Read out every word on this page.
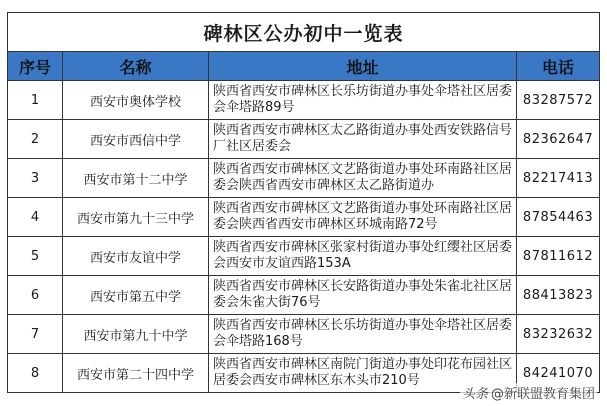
碑林区公办初中一览表			
序号	名称	地址	电话
1	西安市奥体学校	陕西省西安市碑林区长乐坊街道办事处伞塔社区居委会伞塔路89号	83287572
2	西安市西信中学	陕西省西安市碑林区太乙路街道办事处西安铁路信号厂社区居委会	82362647
3	西安市第十二中学	陕西省西安市碑林区文艺路街道办事处环南路社区居委会陕西省西安市碑林区太乙路街道办	82217413
4	西安市第九十三中学	陕西省西安市碑林区文艺路街道办事处环南路社区居委会陕西省西安市碑林区环城南路72号	87854463
5	西安市友谊中学	陕西省西安市碑林区张家村街道办事处红缨社区居委会西安市友谊西路153A	87811612
6	西安市第五中学	陕西省西安市碑林区长安路街道办事处朱雀北社区居委会朱雀大街76号	88413823
7	西安市第九十中学	陕西省西安市碑林区长乐坊街道办事处伞塔社区居委会伞塔路168号	83232632
8	西安市第二十四中学	陕西省西安市碑林区南院门街道办事处印花布园社区居委会西安市碑林区东木头市210号	84241070
头条 @新联盟教育集团
